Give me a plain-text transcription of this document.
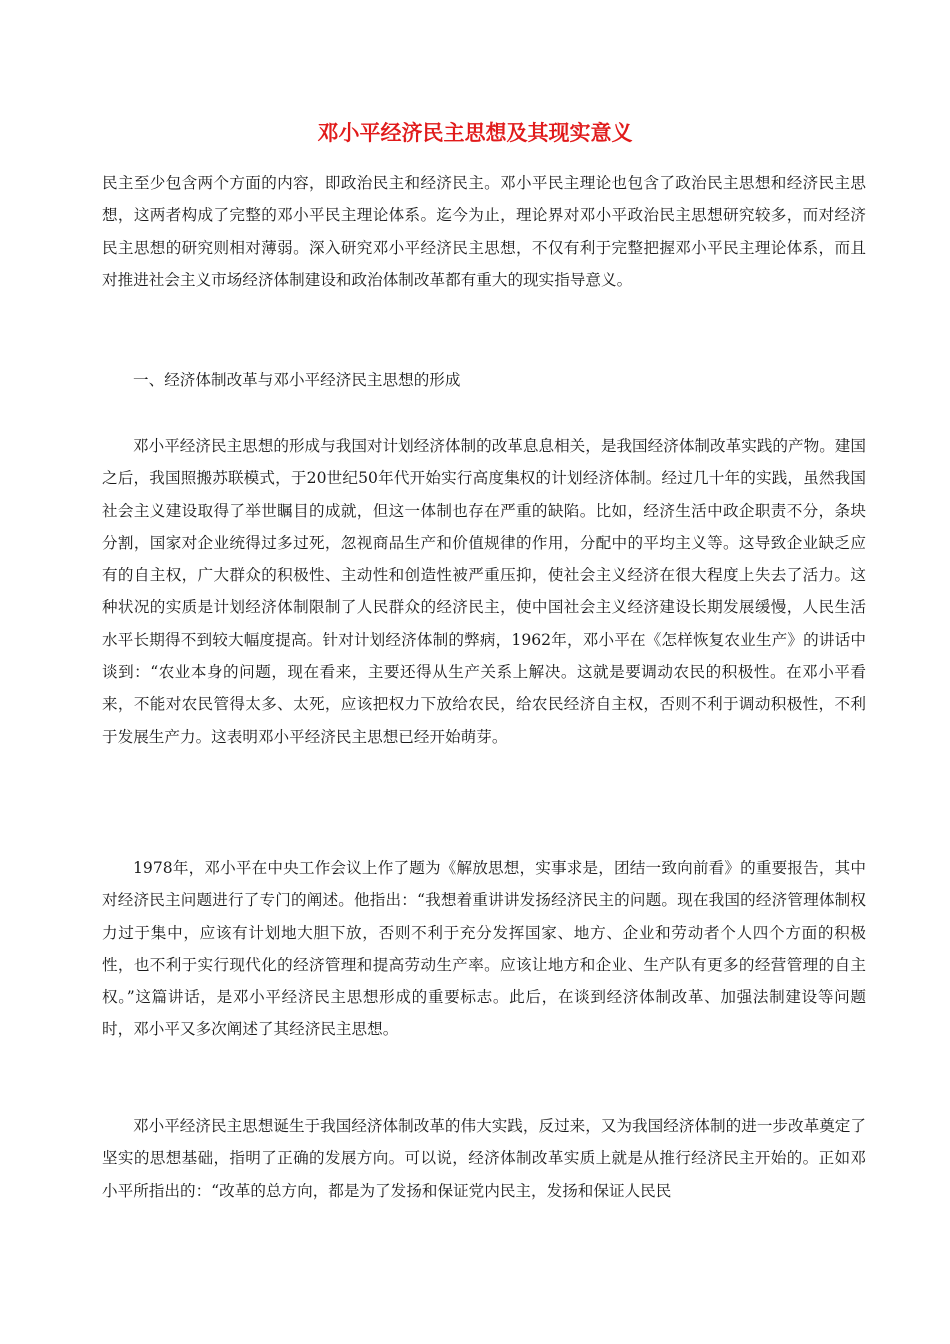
邓小平经济民主思想及其现实意义

民主至少包含两个方面的内容，即政治民主和经济民主。邓小平民主理论也包含了政治民主思想和经济民主思想，这两者构成了完整的邓小平民主理论体系。迄今为止，理论界对邓小平政治民主思想研究较多，而对经济民主思想的研究则相对薄弱。深入研究邓小平经济民主思想，不仅有利于完整把握邓小平民主理论体系，而且对推进社会主义市场经济体制建设和政治体制改革都有重大的现实指导意义。

一、经济体制改革与邓小平经济民主思想的形成

邓小平经济民主思想的形成与我国对计划经济体制的改革息息相关，是我国经济体制改革实践的产物。建国之后，我国照搬苏联模式，于20世纪50年代开始实行高度集权的计划经济体制。经过几十年的实践，虽然我国社会主义建设取得了举世瞩目的成就，但这一体制也存在严重的缺陷。比如，经济生活中政企职责不分，条块分割，国家对企业统得过多过死，忽视商品生产和价值规律的作用，分配中的平均主义等。这导致企业缺乏应有的自主权，广大群众的积极性、主动性和创造性被严重压抑，使社会主义经济在很大程度上失去了活力。这种状况的实质是计划经济体制限制了人民群众的经济民主，使中国社会主义经济建设长期发展缓慢，人民生活水平长期得不到较大幅度提高。针对计划经济体制的弊病，1962年，邓小平在《怎样恢复农业生产》的讲话中谈到：“农业本身的问题，现在看来，主要还得从生产关系上解决。这就是要调动农民的积极性。在邓小平看来，不能对农民管得太多、太死，应该把权力下放给农民，给农民经济自主权，否则不利于调动积极性，不利于发展生产力。这表明邓小平经济民主思想已经开始萌芽。

1978年，邓小平在中央工作会议上作了题为《解放思想，实事求是，团结一致向前看》的重要报告，其中对经济民主问题进行了专门的阐述。他指出：“我想着重讲讲发扬经济民主的问题。现在我国的经济管理体制权力过于集中，应该有计划地大胆下放，否则不利于充分发挥国家、地方、企业和劳动者个人四个方面的积极性，也不利于实行现代化的经济管理和提高劳动生产率。应该让地方和企业、生产队有更多的经营管理的自主权。”这篇讲话，是邓小平经济民主思想形成的重要标志。此后，在谈到经济体制改革、加强法制建设等问题时，邓小平又多次阐述了其经济民主思想。

邓小平经济民主思想诞生于我国经济体制改革的伟大实践，反过来，又为我国经济体制的进一步改革奠定了坚实的思想基础，指明了正确的发展方向。可以说，经济体制改革实质上就是从推行经济民主开始的。正如邓小平所指出的：“改革的总方向，都是为了发扬和保证党内民主，发扬和保证人民民
